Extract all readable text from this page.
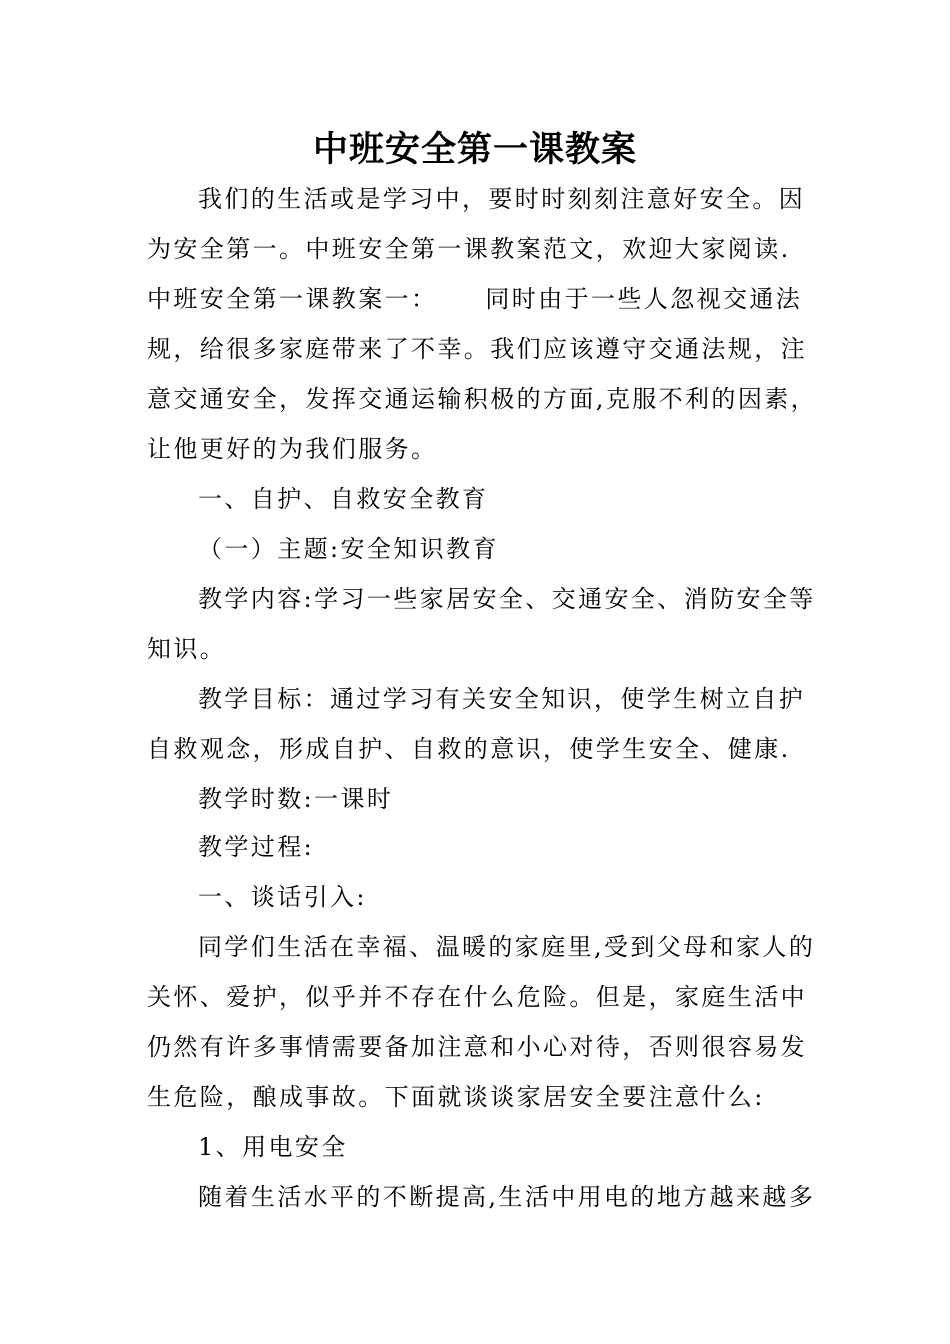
中班安全第一课教案
我们的生活或是学习中，要时时刻刻注意好安全。因
为安全第一。中班安全第一课教案范文，欢迎大家阅读.
中班安全第一课教案一： 同时由于一些人忽视交通法
规，给很多家庭带来了不幸。我们应该遵守交通法规，注
意交通安全，发挥交通运输积极的方面,克服不利的因素，
让他更好的为我们服务。
一、自护、自救安全教育
（一）主题:安全知识教育
教学内容:学习一些家居安全、交通安全、消防安全等
知识。
教学目标：通过学习有关安全知识，使学生树立自护
自救观念，形成自护、自救的意识，使学生安全、健康.
教学时数:一课时
教学过程:
一、谈话引入:
同学们生活在幸福、温暖的家庭里,受到父母和家人的
关怀、爱护，似乎并不存在什么危险。但是，家庭生活中
仍然有许多事情需要备加注意和小心对待，否则很容易发
生危险，酿成事故。下面就谈谈家居安全要注意什么:
1、用电安全
随着生活水平的不断提高,生活中用电的地方越来越多
